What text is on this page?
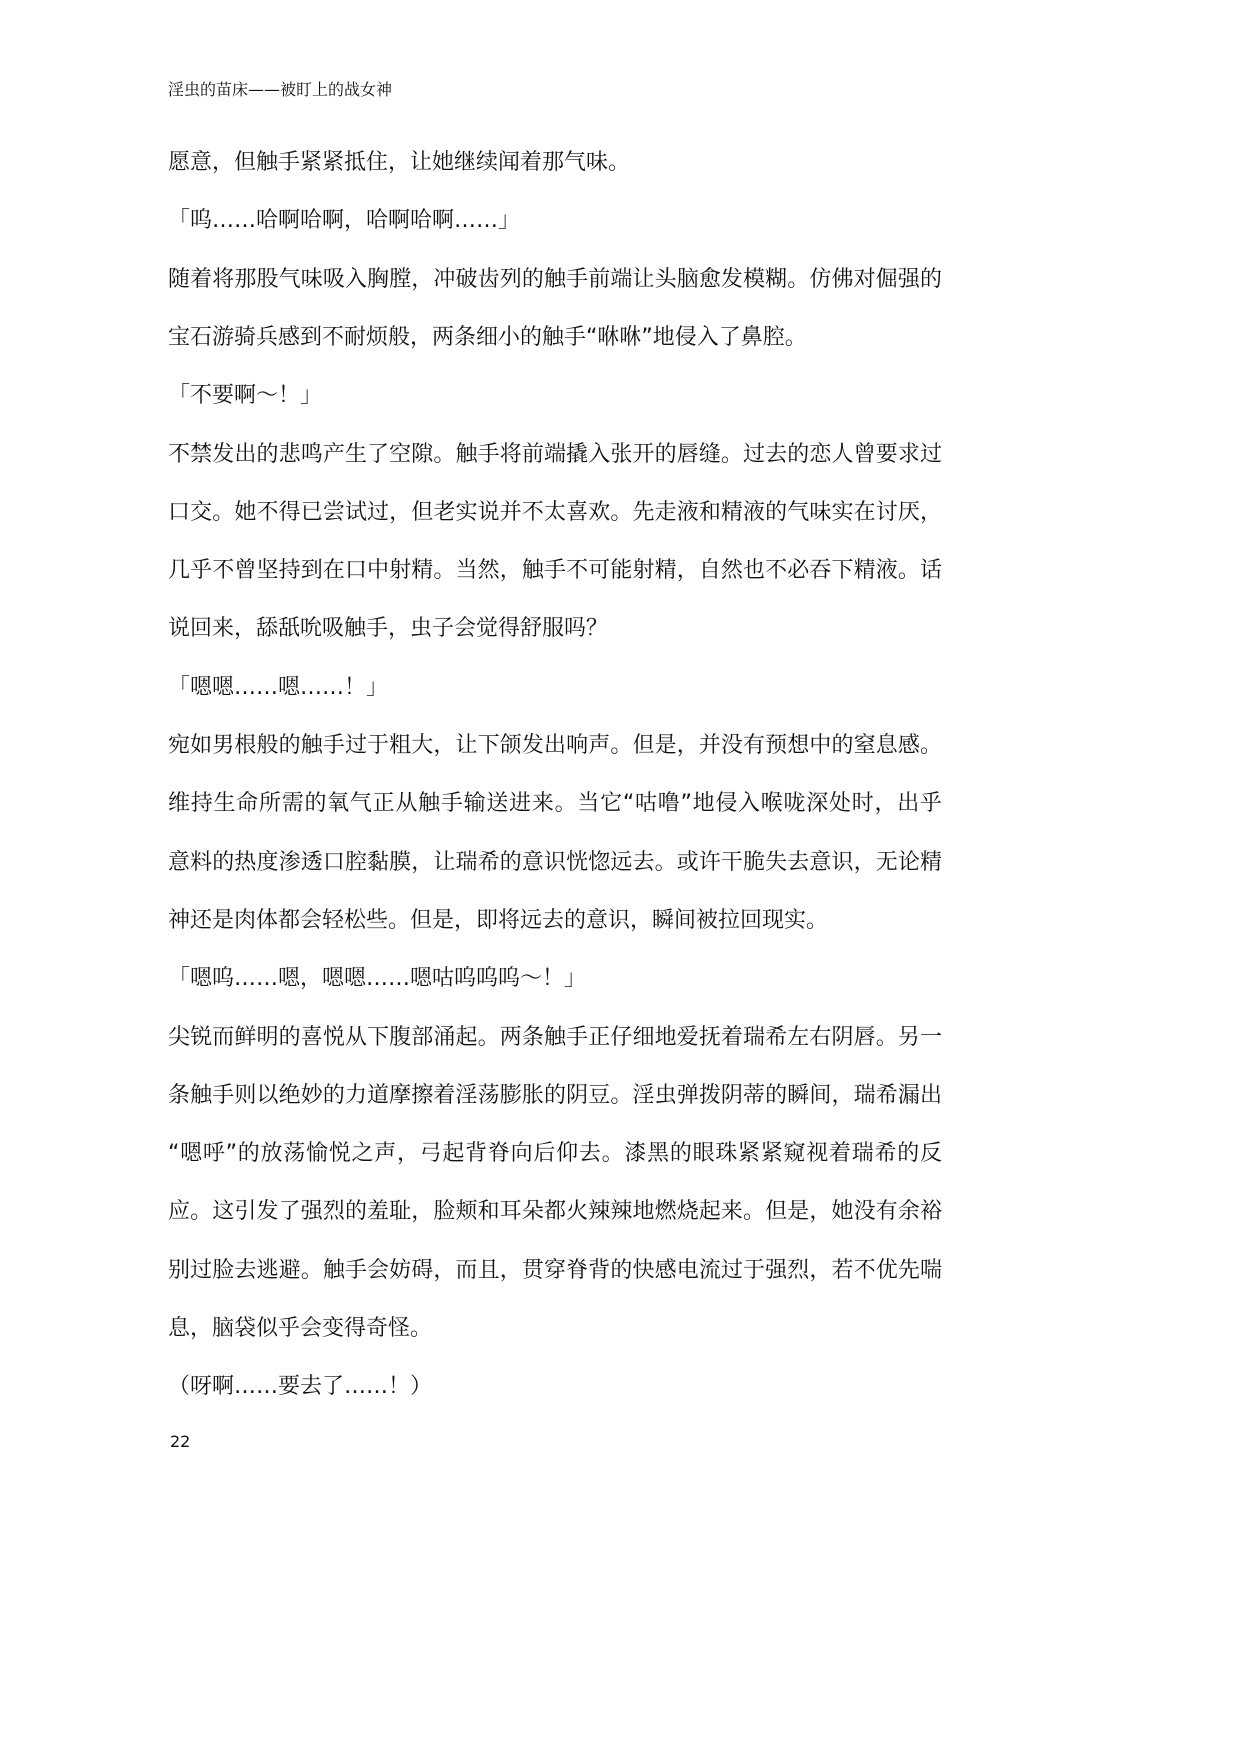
淫虫的苗床——被盯上的战女神
愿意，但触手紧紧抵住，让她继续闻着那气味。
「呜……哈啊哈啊，哈啊哈啊……」
随着将那股气味吸入胸膛，冲破齿列的触手前端让头脑愈发模糊。仿佛对倔强的
宝石游骑兵感到不耐烦般，两条细小的触手“咻咻”地侵入了鼻腔。
「不要啊～！」
不禁发出的悲鸣产生了空隙。触手将前端撬入张开的唇缝。过去的恋人曾要求过
口交。她不得已尝试过，但老实说并不太喜欢。先走液和精液的气味实在讨厌，
几乎不曾坚持到在口中射精。当然，触手不可能射精，自然也不必吞下精液。话
说回来，舔舐吮吸触手，虫子会觉得舒服吗？
「嗯嗯……嗯……！」
宛如男根般的触手过于粗大，让下颌发出响声。但是，并没有预想中的窒息感。
维持生命所需的氧气正从触手输送进来。当它“咕噜”地侵入喉咙深处时，出乎
意料的热度渗透口腔黏膜，让瑞希的意识恍惚远去。或许干脆失去意识，无论精
神还是肉体都会轻松些。但是，即将远去的意识，瞬间被拉回现实。
「嗯呜……嗯，嗯嗯……嗯咕呜呜呜～！」
尖锐而鲜明的喜悦从下腹部涌起。两条触手正仔细地爱抚着瑞希左右阴唇。另一
条触手则以绝妙的力道摩擦着淫荡膨胀的阴豆。淫虫弹拨阴蒂的瞬间，瑞希漏出
“嗯呼”的放荡愉悦之声，弓起背脊向后仰去。漆黑的眼珠紧紧窥视着瑞希的反
应。这引发了强烈的羞耻，脸颊和耳朵都火辣辣地燃烧起来。但是，她没有余裕
别过脸去逃避。触手会妨碍，而且，贯穿脊背的快感电流过于强烈，若不优先喘
息，脑袋似乎会变得奇怪。
（呀啊……要去了……！）
22
